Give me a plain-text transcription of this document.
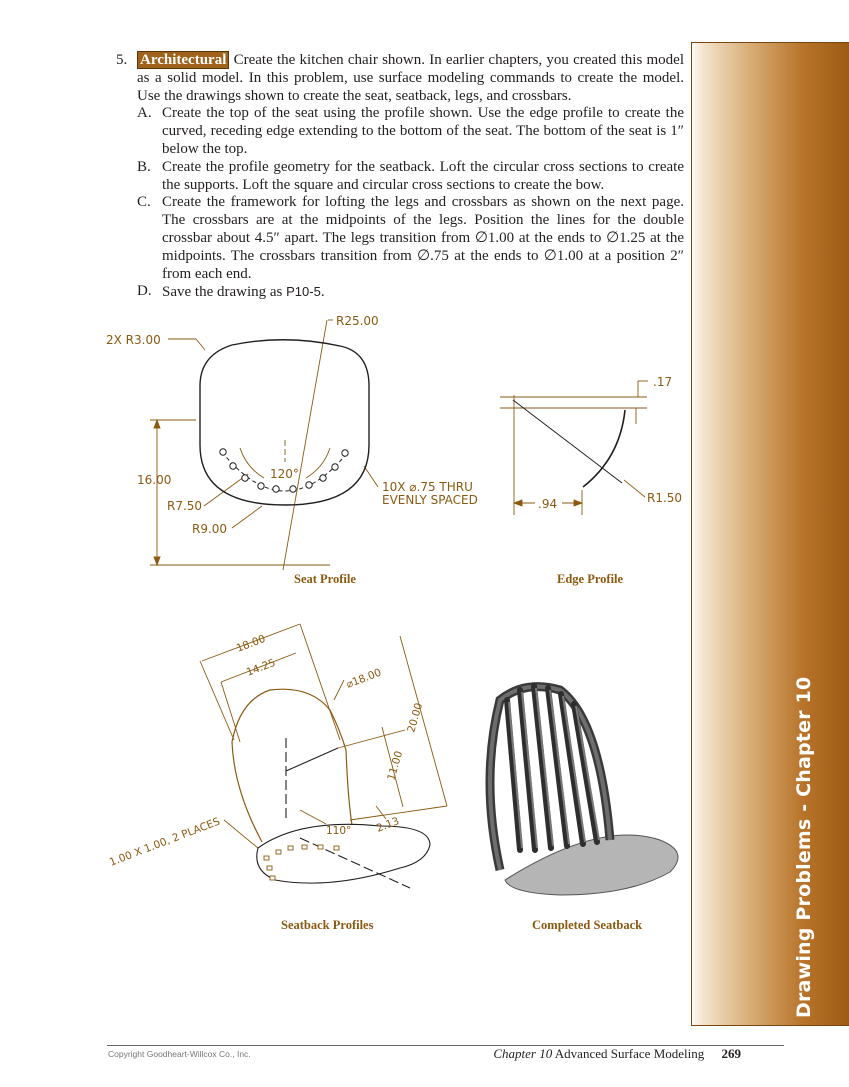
Drawing Problems - Chapter 10
5. Architectural Create the kitchen chair shown. In earlier chapters, you created this model as a solid model. In this problem, use surface modeling commands to create the model. Use the drawings shown to create the seat, seatback, legs, and crossbars.
A. Create the top of the seat using the profile shown. Use the edge profile to create the curved, receding edge extending to the bottom of the seat. The bottom of the seat is 1″ below the top.
B. Create the profile geometry for the seatback. Loft the circular cross sections to create the supports. Loft the square and circular cross sections to create the bow.
C. Create the framework for lofting the legs and crossbars as shown on the next page. The crossbars are at the midpoints of the legs. Position the lines for the double crossbar about 4.5″ apart. The legs transition from ∅1.00 at the ends to ∅1.25 at the midpoints. The crossbars transition from ∅.75 at the ends to ∅1.00 at a position 2″ from each end.
D. Save the drawing as P10-5.
2X R3.00
R25.00
16.00
R7.50
R9.00
120°
10X ⌀.75 THRU
EVENLY SPACED
.17
.94	R1.50
18.00
14.25	⌀18.00
20.00
11.00
2.13
110°
1.00 X 1.00, 2 PLACES
Seat Profile	Edge Profile
Seatback Profiles	Completed Seatback
Copyright Goodheart-Willcox Co., Inc.	Chapter 10 Advanced Surface Modeling 269
